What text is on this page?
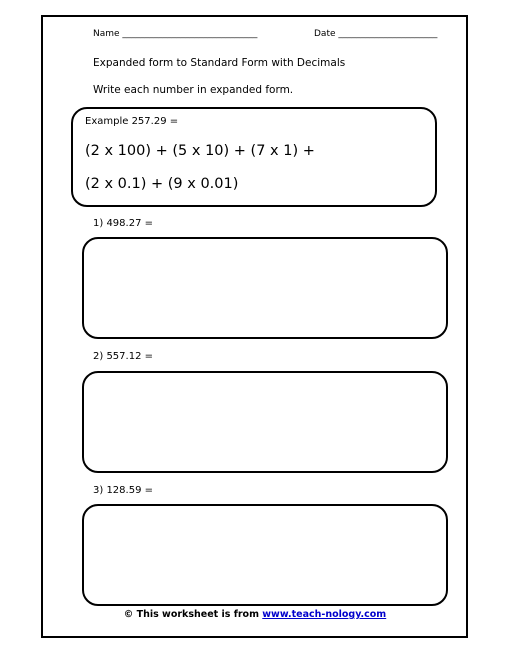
Name ______________________________	Date ______________________
Expanded form to Standard Form with Decimals
Write each number in expanded form.
Example 257.29 =
(2 x 100) + (5 x 10) + (7 x 1) +
(2 x 0.1) + (9 x 0.01)
1) 498.27 =
2) 557.12 =
3) 128.59 =
© This worksheet is from www.teach-nology.com
